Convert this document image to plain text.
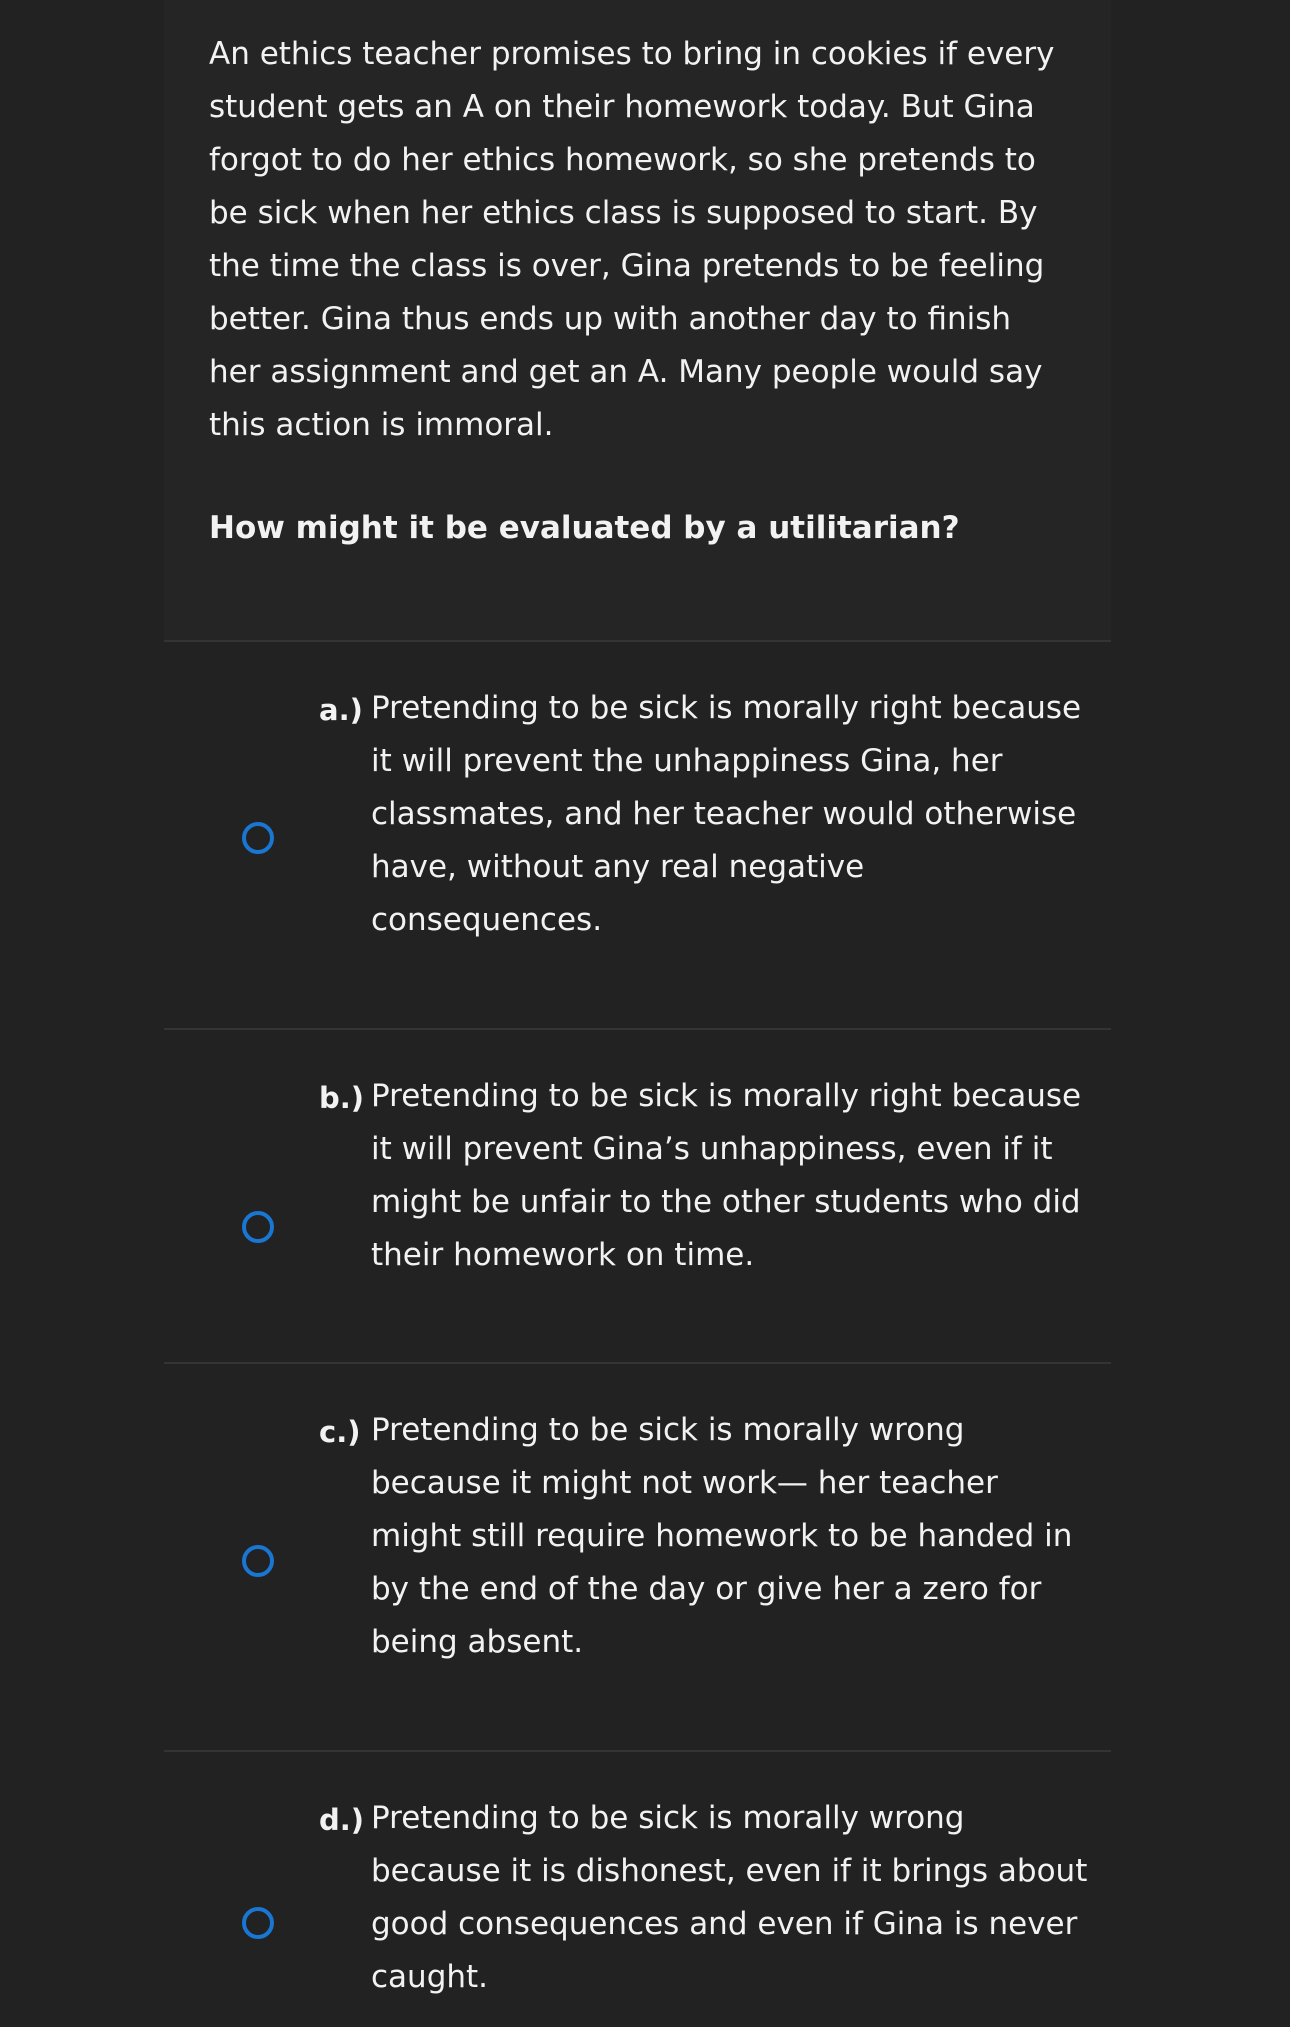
An ethics teacher promises to bring in cookies if every student gets an A on their homework today. But Gina forgot to do her ethics homework, so she pretends to be sick when her ethics class is supposed to start. By the time the class is over, Gina pretends to be feeling better. Gina thus ends up with another day to finish her assignment and get an A. Many people would say this action is immoral.

How might it be evaluated by a utilitarian?

a.) Pretending to be sick is morally right because it will prevent the unhappiness Gina, her classmates, and her teacher would otherwise have, without any real negative consequences.

b.) Pretending to be sick is morally right because it will prevent Gina’s unhappiness, even if it might be unfair to the other students who did their homework on time.

c.) Pretending to be sick is morally wrong because it might not work— her teacher might still require homework to be handed in by the end of the day or give her a zero for being absent.

d.) Pretending to be sick is morally wrong because it is dishonest, even if it brings about good consequences and even if Gina is never caught.
